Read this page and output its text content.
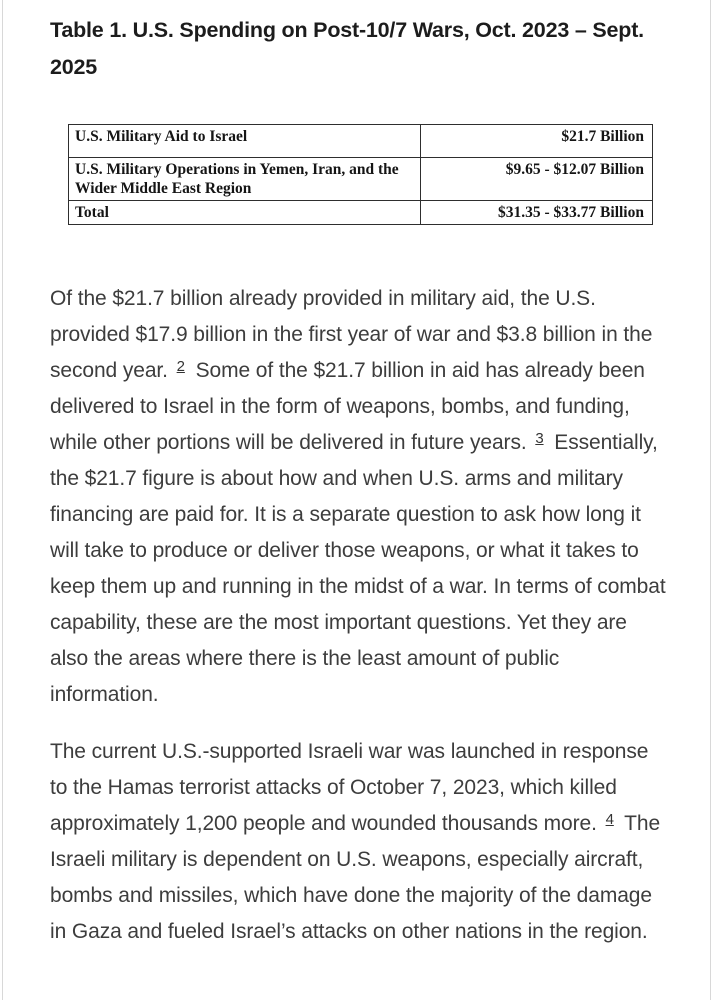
Table 1. U.S. Spending on Post-10/7 Wars, Oct. 2023 – Sept. 2025
U.S. Military Aid to Israel	$21.7 Billion
U.S. Military Operations in Yemen, Iran, and the Wider Middle East Region	$9.65 - $12.07 Billion
Total	$31.35 - $33.77 Billion

Of the $21.7 billion already provided in military aid, the U.S. provided $17.9 billion in the first year of war and $3.8 billion in the second year. $^2$ Some of the $21.7 billion in aid has already been delivered to Israel in the form of weapons, bombs, and funding, while other portions will be delivered in future years. $^3$ Essentially, the $21.7 figure is about how and when U.S. arms and military financing are paid for. It is a separate question to ask how long it will take to produce or deliver those weapons, or what it takes to keep them up and running in the midst of a war. In terms of combat capability, these are the most important questions. Yet they are also the areas where there is the least amount of public information.

The current U.S.-supported Israeli war was launched in response to the Hamas terrorist attacks of October 7, 2023, which killed approximately 1,200 people and wounded thousands more. $^4$ The Israeli military is dependent on U.S. weapons, especially aircraft, bombs and missiles, which have done the majority of the damage in Gaza and fueled Israel’s attacks on other nations in the region.
